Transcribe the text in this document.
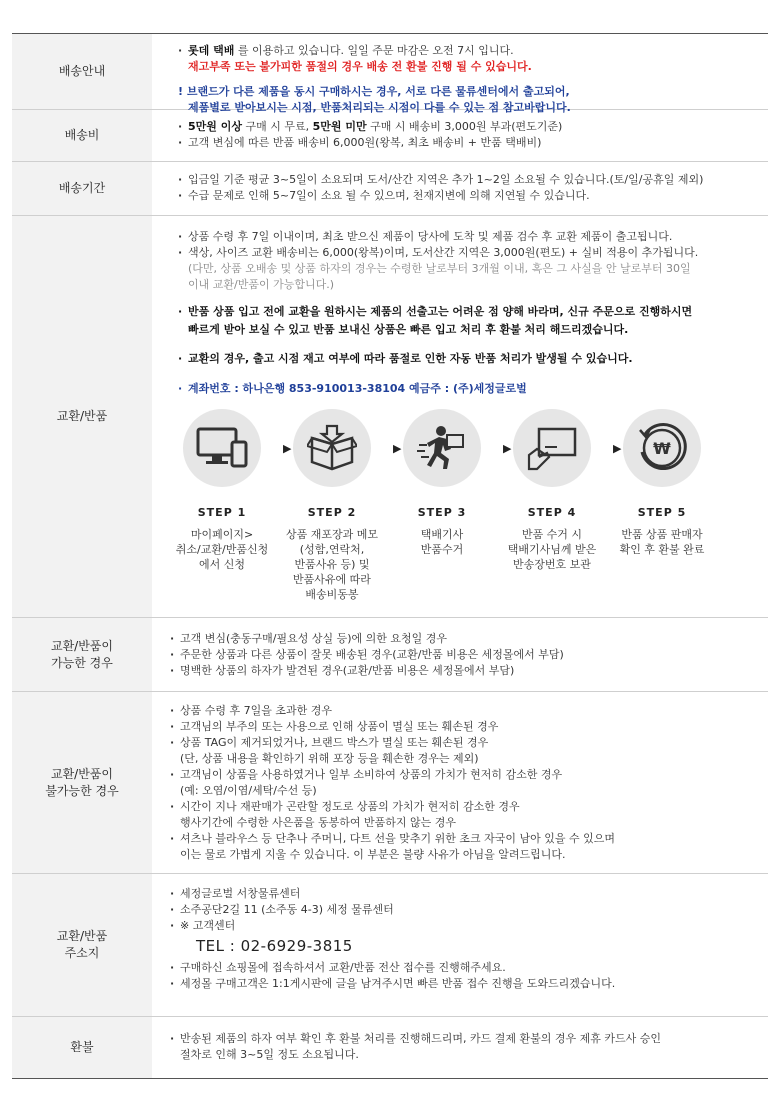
배송안내
· 롯데 택배 를 이용하고 있습니다. 일일 주문 마감은 오전 7시 입니다.
재고부족 또는 불가피한 품절의 경우 배송 전 환불 진행 될 수 있습니다.
! 브랜드가 다른 제품을 동시 구매하시는 경우, 서로 다른 물류센터에서 출고되어,
제품별로 받아보시는 시점, 반품처리되는 시점이 다를 수 있는 점 참고바랍니다.
배송비
· 5만원 이상 구매 시 무료, 5만원 미만 구매 시 배송비 3,000원 부과(편도기준)
· 고객 변심에 따른 반품 배송비 6,000원(왕복, 최초 배송비 + 반품 택배비)
배송기간
· 입금일 기준 평균 3~5일이 소요되며 도서/산간 지역은 추가 1~2일 소요될 수 있습니다.(토/일/공휴일 제외)
· 수급 문제로 인해 5~7일이 소요 될 수 있으며, 천재지변에 의해 지연될 수 있습니다.
교환/반품
· 상품 수령 후 7일 이내이며, 최초 받으신 제품이 당사에 도착 및 제품 검수 후 교환 제품이 출고됩니다.
· 색상, 사이즈 교환 배송비는 6,000(왕복)이며, 도서산간 지역은 3,000원(편도) + 실비 적용이 추가됩니다.
(다만, 상품 오배송 및 상품 하자의 경우는 수령한 날로부터 3개월 이내, 혹은 그 사실을 안 날로부터 30일
이내 교환/반품이 가능합니다.)
· 반품 상품 입고 전에 교환을 원하시는 제품의 선출고는 어려운 점 양해 바라며, 신규 주문으로 진행하시면
빠르게 받아 보실 수 있고 반품 보내신 상품은 빠른 입고 처리 후 환불 처리 해드리겠습니다.
· 교환의 경우, 출고 시점 재고 여부에 따라 품절로 인한 자동 반품 처리가 발생될 수 있습니다.
· 계좌번호 : 하나은행 853-910013-38104 예금주 : (주)세정글로벌
STEP 1
마이페이지>
취소/교환/반품신청
에서 신청
▶
STEP 2
상품 재포장과 메모
(성함,연락처,
반품사유 등) 및
반품사유에 따라
배송비동봉
▶
STEP 3
택배기사
반품수거
▶
STEP 4
반품 수거 시
택배기사님께 받은
반송장번호 보관
▶ ₩
STEP 5
반품 상품 판매자
확인 후 환불 완료
교환/반품이
가능한 경우
· 고객 변심(충동구매/필요성 상실 등)에 의한 요청일 경우
· 주문한 상품과 다른 상품이 잘못 배송된 경우(교환/반품 비용은 세정몰에서 부담)
· 명백한 상품의 하자가 발견된 경우(교환/반품 비용은 세정몰에서 부담)
교환/반품이
불가능한 경우
· 상품 수령 후 7일을 초과한 경우
· 고객님의 부주의 또는 사용으로 인해 상품이 멸실 또는 훼손된 경우
· 상품 TAG이 제거되었거나, 브랜드 박스가 멸실 또는 훼손된 경우
(단, 상품 내용을 확인하기 위해 포장 등을 훼손한 경우는 제외)
· 고객님이 상품을 사용하였거나 일부 소비하여 상품의 가치가 현저히 감소한 경우
(예: 오염/이염/세탁/수선 등)
· 시간이 지나 재판매가 곤란할 정도로 상품의 가치가 현저히 감소한 경우
행사기간에 수령한 사은품을 동봉하여 반품하지 않는 경우
· 셔츠나 블라우스 등 단추나 주머니, 다트 선을 맞추기 위한 초크 자국이 남아 있을 수 있으며
이는 물로 가볍게 지울 수 있습니다. 이 부분은 불량 사유가 아님을 알려드립니다.
교환/반품
주소지
· 세정글로벌 서창물류센터
· 소주공단2길 11 (소주동 4-3) 세정 물류센터
· ※ 고객센터
TEL : 02-6929-3815
· 구매하신 쇼핑몰에 접속하셔서 교환/반품 전산 접수를 진행해주세요.
· 세정몰 구매고객은 1:1게시판에 글을 남겨주시면 빠른 반품 접수 진행을 도와드리겠습니다.
환불
· 반송된 제품의 하자 여부 확인 후 환불 처리를 진행해드리며, 카드 결제 환불의 경우 제휴 카드사 승인
절차로 인해 3~5일 정도 소요됩니다.
